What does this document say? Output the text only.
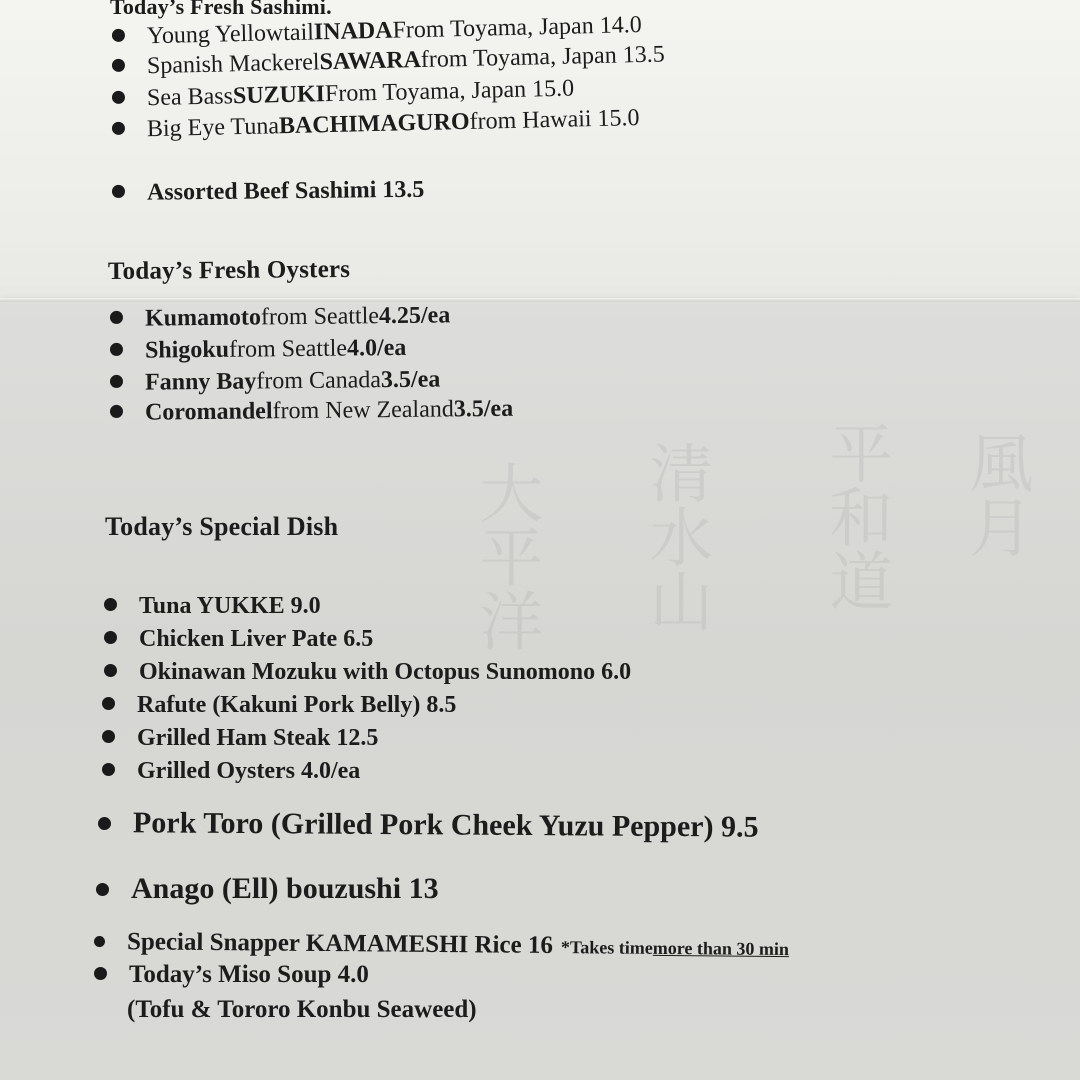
Today’s Fresh Sashimi.
Young Yellowtail INADA From Toyama, Japan 14.0
Spanish Mackerel SAWARA from Toyama, Japan 13.5
Sea Bass SUZUKI From Toyama, Japan 15.0
Big Eye Tuna BACHIMAGURO from Hawaii 15.0
Assorted Beef Sashimi 13.5
Today’s Fresh Oysters
Kumamoto from Seattle 4.25/ea
Shigoku from Seattle 4.0/ea
Fanny Bay from Canada 3.5/ea
Coromandel from New Zealand 3.5/ea
Today’s Special Dish
Tuna YUKKE 9.0
Chicken Liver Pate 6.5
Okinawan Mozuku with Octopus Sunomono 6.0
Rafute (Kakuni Pork Belly) 8.5
Grilled Ham Steak 12.5
Grilled Oysters 4.0/ea
Pork Toro (Grilled Pork Cheek Yuzu Pepper) 9.5
Anago (Ell) bouzushi 13
Special Snapper KAMAMESHI Rice 16 *Takes time more than 30 min
Today’s Miso Soup 4.0
(Tofu & Tororo Konbu Seaweed)
